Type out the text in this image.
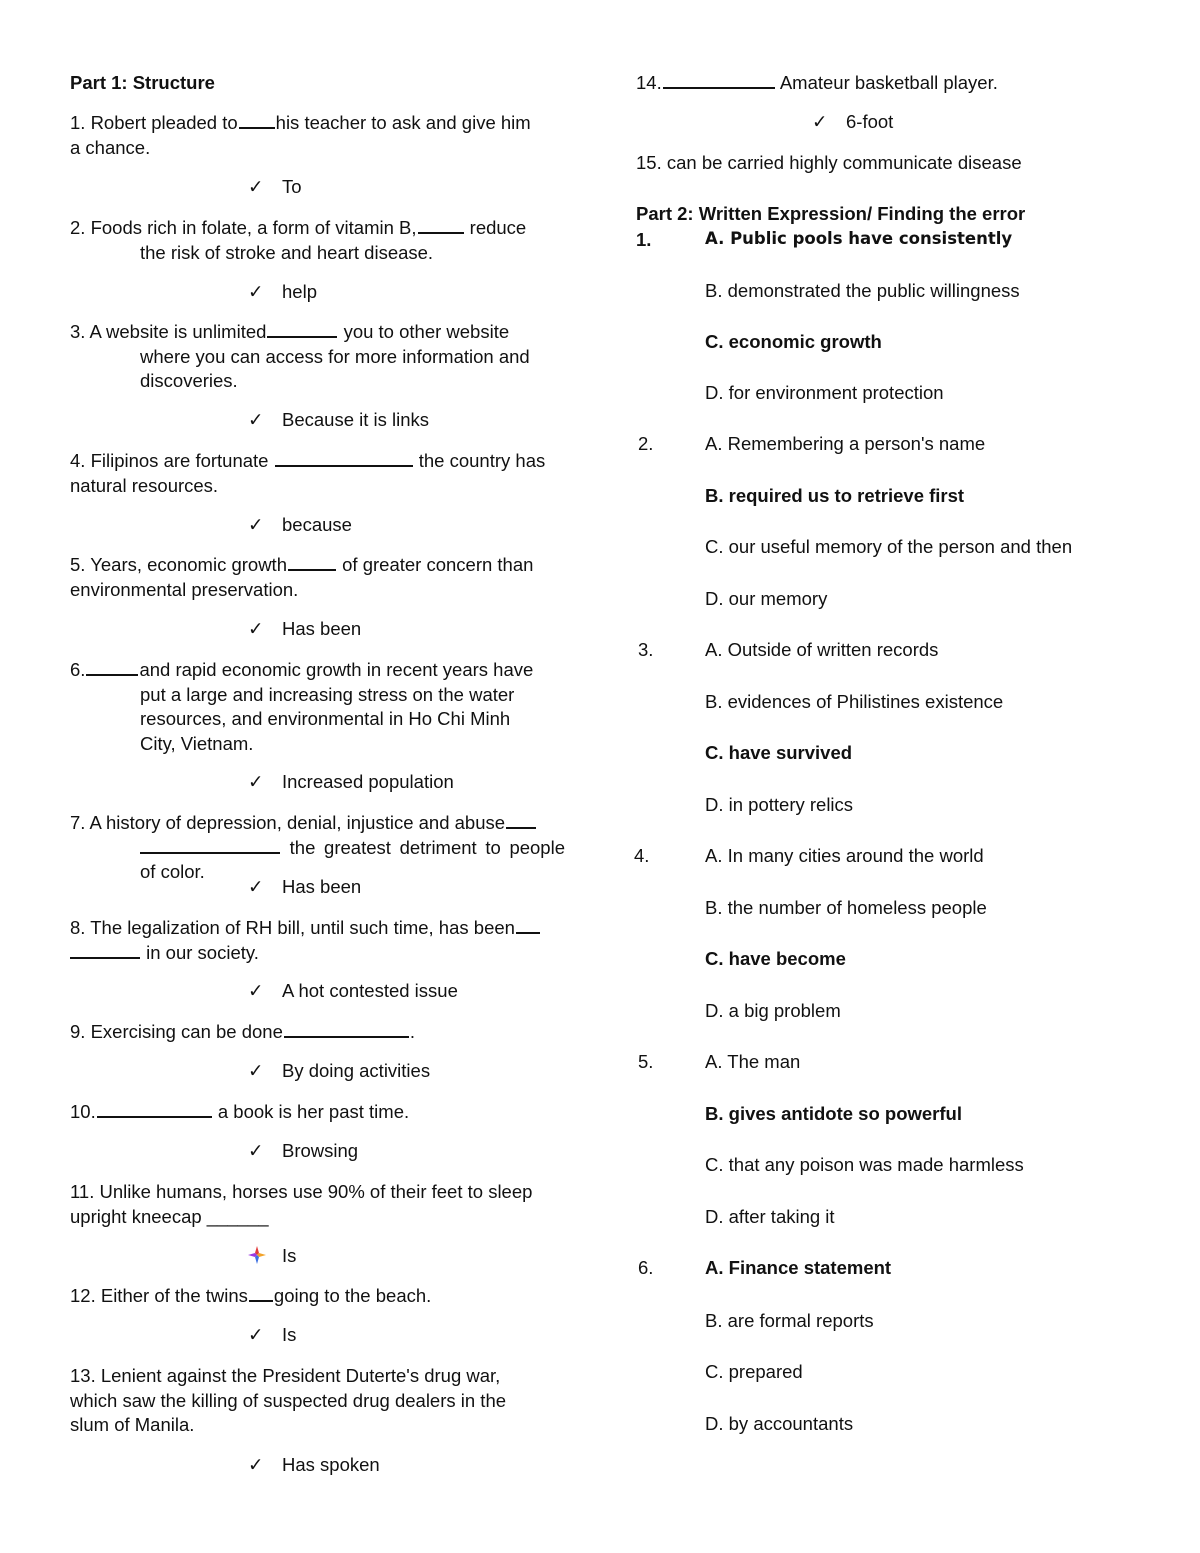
Part 1: Structure
1. Robert pleaded to his teacher to ask and give him
a chance.
✓ To
2. Foods rich in folate, a form of vitamin B,	reduce
the risk of stroke and heart disease.
✓ help
3. A website is unlimited	you to other website
where you can access for more information and
discoveries.
✓ Because it is links
4. Filipinos are fortunate	the country has
natural resources.
✓ because
5. Years, economic growth	of greater concern than
environmental preservation.
✓ Has been
6.	and rapid economic growth in recent years have
put a large and increasing stress on the water
resources, and environmental in Ho Chi Minh
City, Vietnam.
✓ Increased population
7. A history of depression, denial, injustice and abuse
the greatest detriment to people of color.
✓ Has been
8. The legalization of RH bill, until such time, has been
in our society.
✓ A hot contested issue
9. Exercising can be done	.
✓ By doing activities
10.	a book is her past time.
✓ Browsing
11. Unlike humans, horses use 90% of their feet to sleep
upright kneecap ______
Is
12. Either of the twins going to the beach.
✓ Is
13. Lenient against the President Duterte's drug war,
which saw the killing of suspected drug dealers in the
slum of Manila.
✓ Has spoken
14.	Amateur basketball player.
✓ 6-foot
15. can be carried highly communicate disease
Part 2: Written Expression/ Finding the error
1.	A. Public pools have consistently
B. demonstrated the public willingness
C. economic growth
D. for environment protection
2.	A. Remembering a person's name
B. required us to retrieve first
C. our useful memory of the person and then
D. our memory
3.	A. Outside of written records
B. evidences of Philistines existence
C. have survived
D. in pottery relics
4.	A. In many cities around the world
B. the number of homeless people
C. have become
D. a big problem
5.	A. The man
B. gives antidote so powerful
C. that any poison was made harmless
D. after taking it
6.	A. Finance statement
B. are formal reports
C. prepared
D. by accountants
